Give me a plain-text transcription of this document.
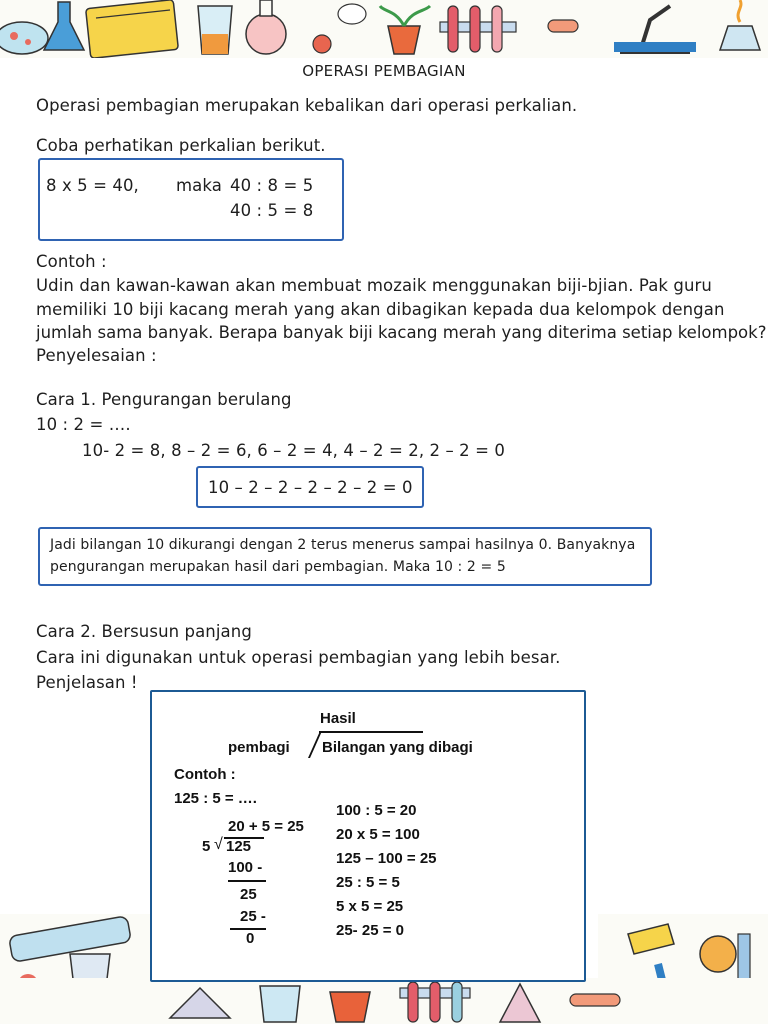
OPERASI PEMBAGIAN
Operasi pembagian merupakan kebalikan dari operasi perkalian.
Coba perhatikan perkalian berikut.
8 x 5 = 40, maka 40 : 8 = 5
40 : 5 = 8
Contoh :
Udin dan kawan-kawan akan membuat mozaik menggunakan biji-bjian. Pak guru
memiliki 10 biji kacang merah yang akan dibagikan kepada dua kelompok dengan
jumlah sama banyak. Berapa banyak biji kacang merah yang diterima setiap kelompok?
Penyelesaian :
Cara 1. Pengurangan berulang
10 : 2 = ….
10- 2 = 8, 8 – 2 = 6, 6 – 2 = 4, 4 – 2 = 2, 2 – 2 = 0
10 – 2 – 2 – 2 – 2 – 2 = 0
Jadi bilangan 10 dikurangi dengan 2 terus menerus sampai hasilnya 0. Banyaknya
pengurangan merupakan hasil dari pembagian. Maka 10 : 2 = 5
Cara 2. Bersusun panjang
Cara ini digunakan untuk operasi pembagian yang lebih besar.
Penjelasan !
Hasil
pembagi Bilangan yang dibagi
Contoh :
125 : 5 = ….
20 + 5 = 25
5 √ 125
100 -
25
25 -
0
100 : 5 = 20
20 x 5 = 100
125 – 100 = 25
25 : 5 = 5
5 x 5 = 25
25- 25 = 0
